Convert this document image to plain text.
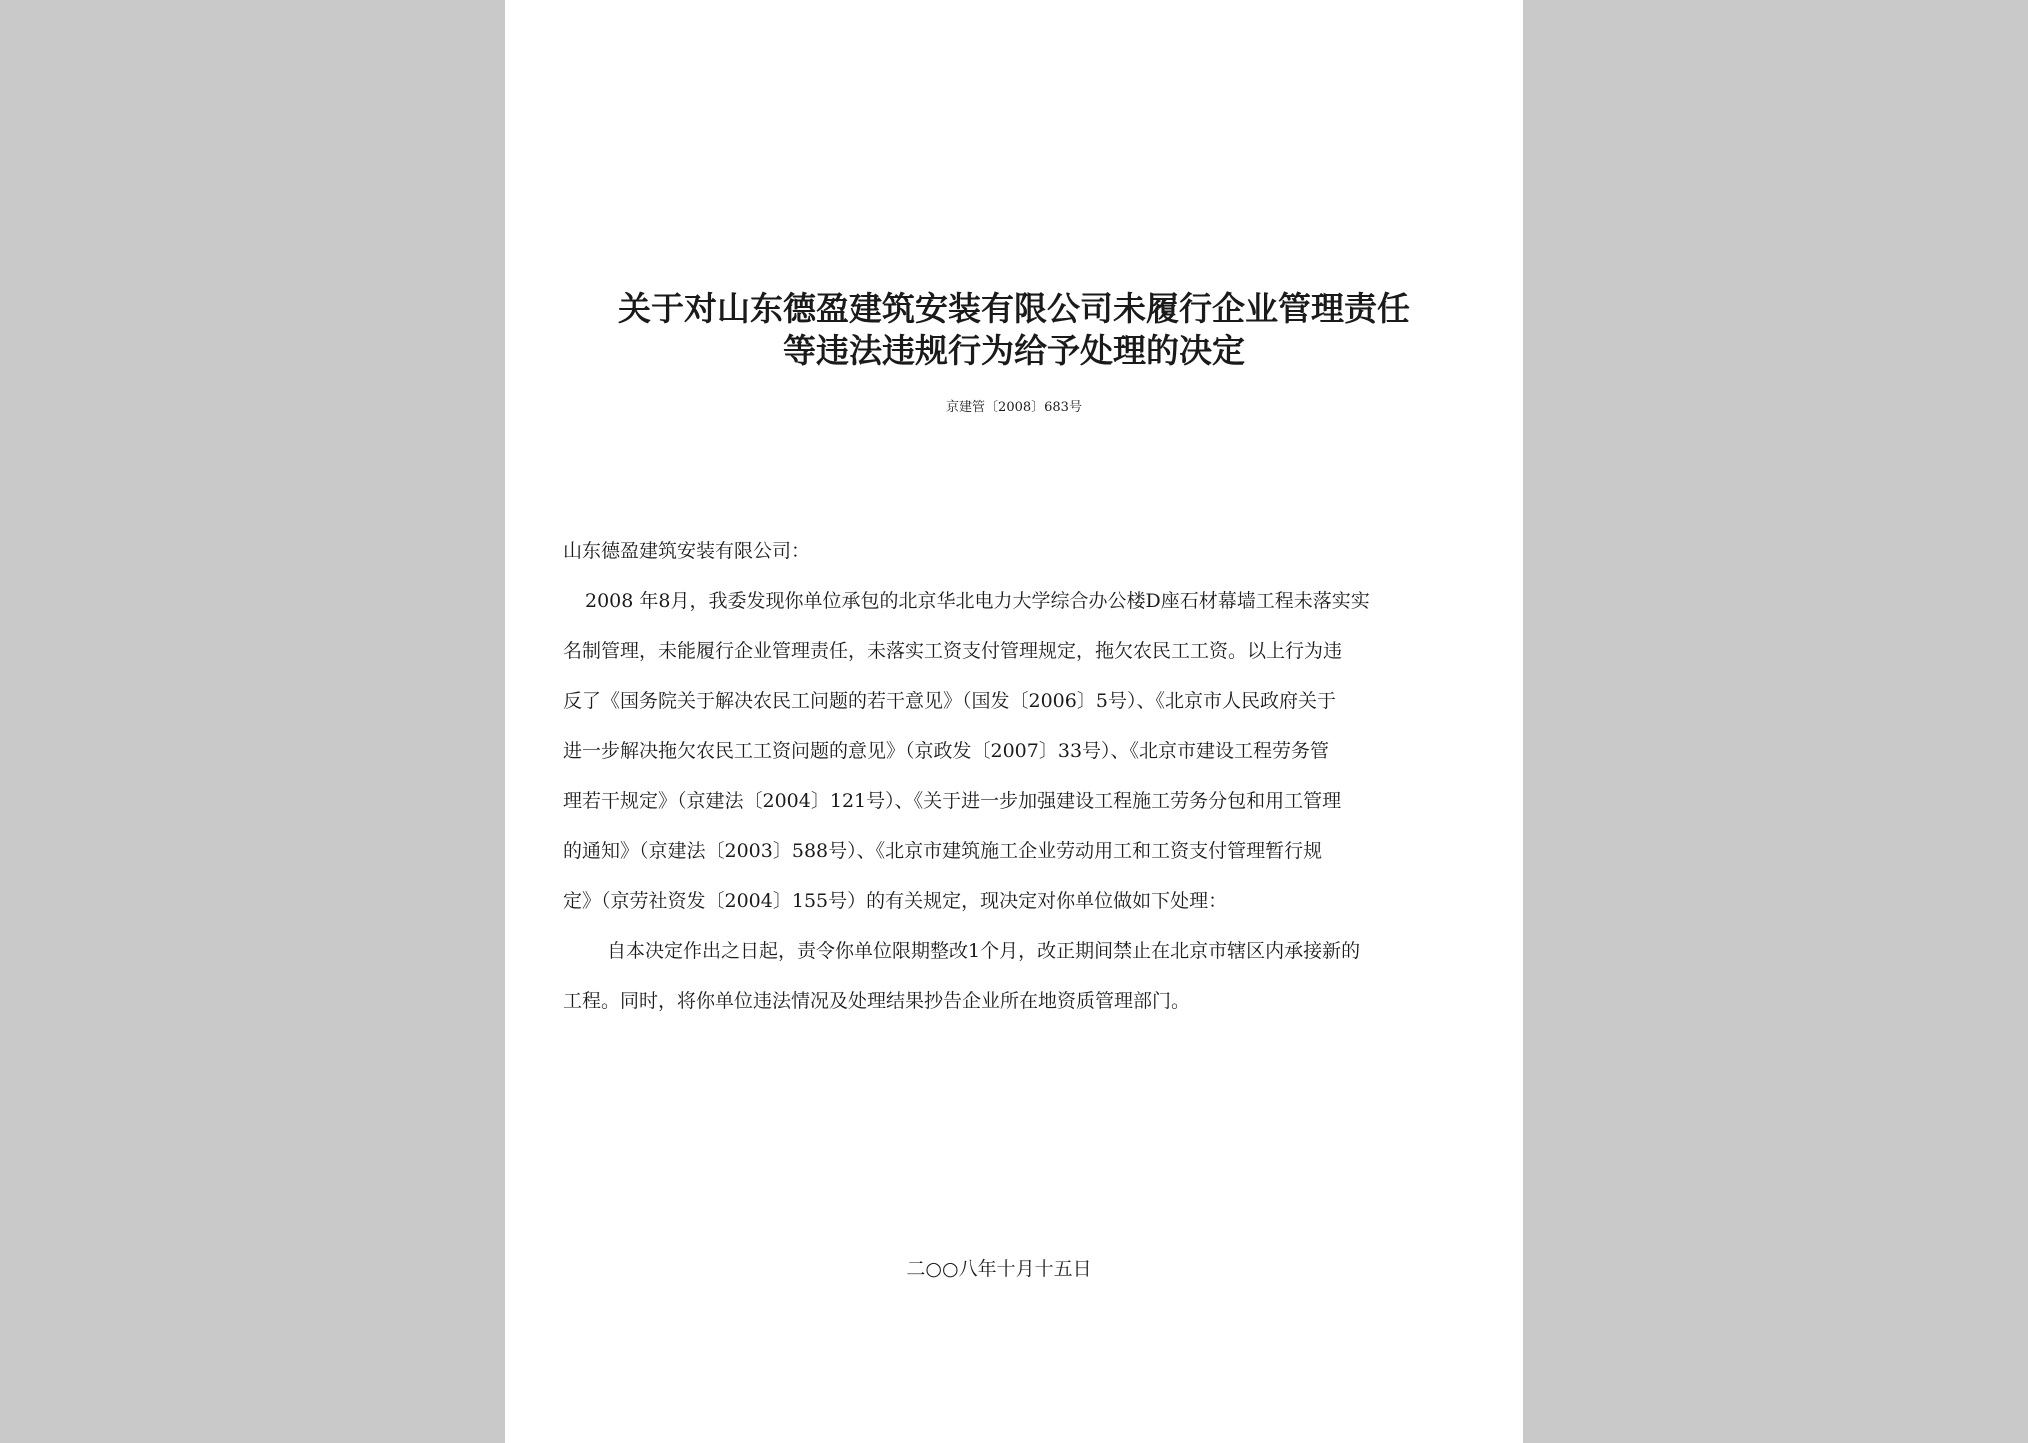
关于对山东德盈建筑安装有限公司未履行企业管理责任
等违法违规行为给予处理的决定
京建管〔2008〕683号
山东德盈建筑安装有限公司：
2008 年8月，我委发现你单位承包的北京华北电力大学综合办公楼D座石材幕墙工程未落实实
名制管理，未能履行企业管理责任，未落实工资支付管理规定，拖欠农民工工资。以上行为违
反了《国务院关于解决农民工问题的若干意见》（国发〔2006〕5号）、《北京市人民政府关于
进一步解决拖欠农民工工资问题的意见》（京政发〔2007〕33号）、《北京市建设工程劳务管
理若干规定》（京建法〔2004〕121号）、《关于进一步加强建设工程施工劳务分包和用工管理
的通知》（京建法〔2003〕588号）、《北京市建筑施工企业劳动用工和工资支付管理暂行规
定》（京劳社资发〔2004〕155号）的有关规定，现决定对你单位做如下处理：
自本决定作出之日起，责令你单位限期整改1个月，改正期间禁止在北京市辖区内承接新的
工程。同时，将你单位违法情况及处理结果抄告企业所在地资质管理部门。
二○○八年十月十五日
